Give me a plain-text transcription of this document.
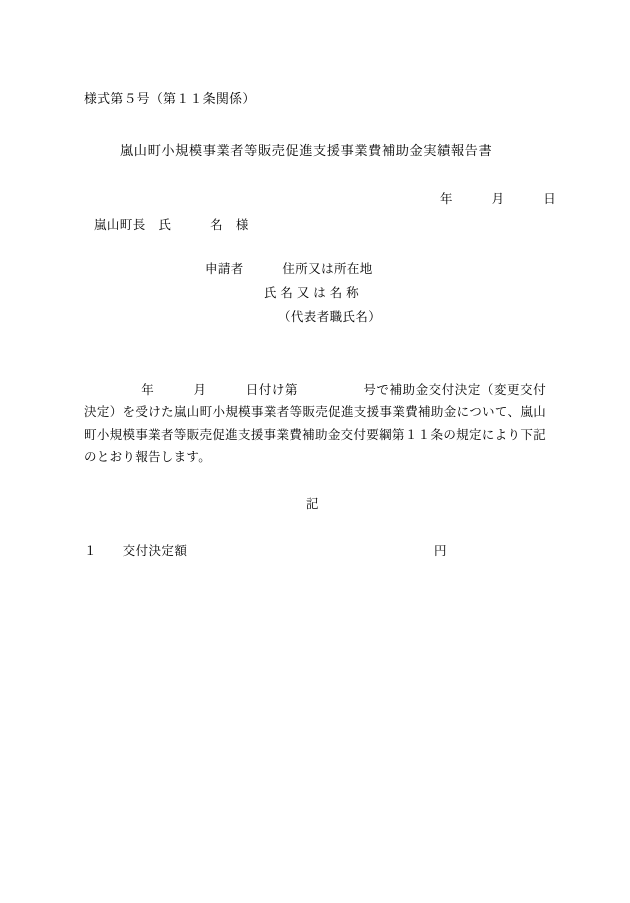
様式第５号（第１１条関係）
嵐山町小規模事業者等販売促進支援事業費補助金実績報告書
年　　　月　　　日
嵐山町長　氏　　　名　様
申請者　　　住所又は所在地
氏 名 又 は 名 称
（代表者職氏名）
年　　　月　　　日付け第　　　　　号で補助金交付決定（変更交付決定）を受けた嵐山町小規模事業者等販売促進支援事業費補助金について、嵐山町小規模事業者等販売促進支援事業費補助金交付要綱第１１条の規定により下記のとおり報告します。
記
１　　 交付決定額	円
